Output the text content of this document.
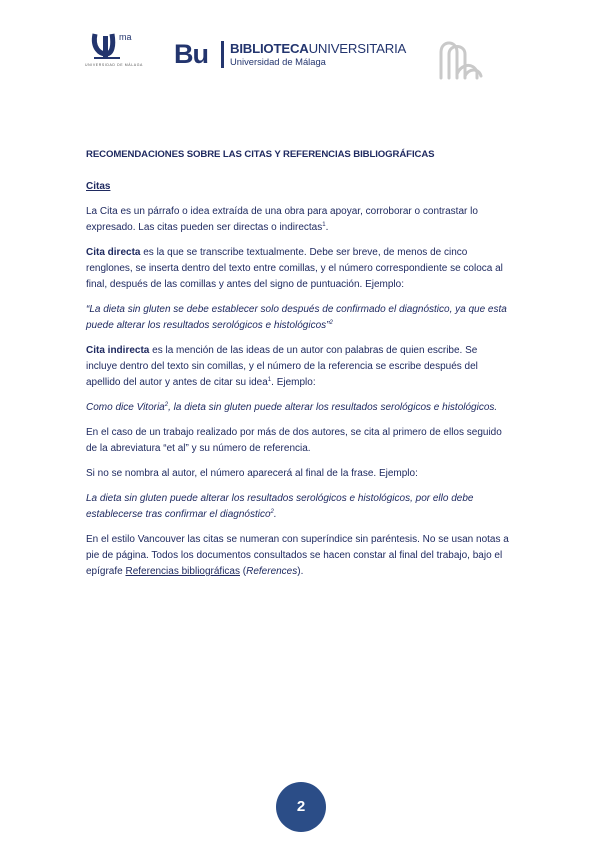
ma
UNIVERSIDAD DE MÁLAGA Bu BIBLIOTECAUNIVERSITARIA
Universidad de Málaga

RECOMENDACIONES SOBRE LAS CITAS Y REFERENCIAS BIBLIOGRÁFICAS

Citas

La Cita es un párrafo o idea extraída de una obra para apoyar, corroborar o contrastar lo expresado. Las citas pueden ser directas o indirectas$^1$.

Cita directa es la que se transcribe textualmente. Debe ser breve, de menos de cinco renglones, se inserta dentro del texto entre comillas, y el número correspondiente se coloca al final, después de las comillas y antes del signo de puntuación. Ejemplo:

“La dieta sin gluten se debe establecer solo después de confirmado el diagnóstico, ya que esta puede alterar los resultados serológicos e histológicos”$^2$

Cita indirecta es la mención de las ideas de un autor con palabras de quien escribe. Se incluye dentro del texto sin comillas, y el número de la referencia se escribe después del apellido del autor y antes de citar su idea$^1$. Ejemplo:

Como dice Vitoria$^2$, la dieta sin gluten puede alterar los resultados serológicos e histológicos.

En el caso de un trabajo realizado por más de dos autores, se cita al primero de ellos seguido de la abreviatura “et al” y su número de referencia.

Si no se nombra al autor, el número aparecerá al final de la frase. Ejemplo:

La dieta sin gluten puede alterar los resultados serológicos e histológicos, por ello debe establecerse tras confirmar el diagnóstico$^2$.

En el estilo Vancouver las citas se numeran con superíndice sin paréntesis. No se usan notas a pie de página. Todos los documentos consultados se hacen constar al final del trabajo, bajo el epígrafe Referencias bibliográficas (References).

2
